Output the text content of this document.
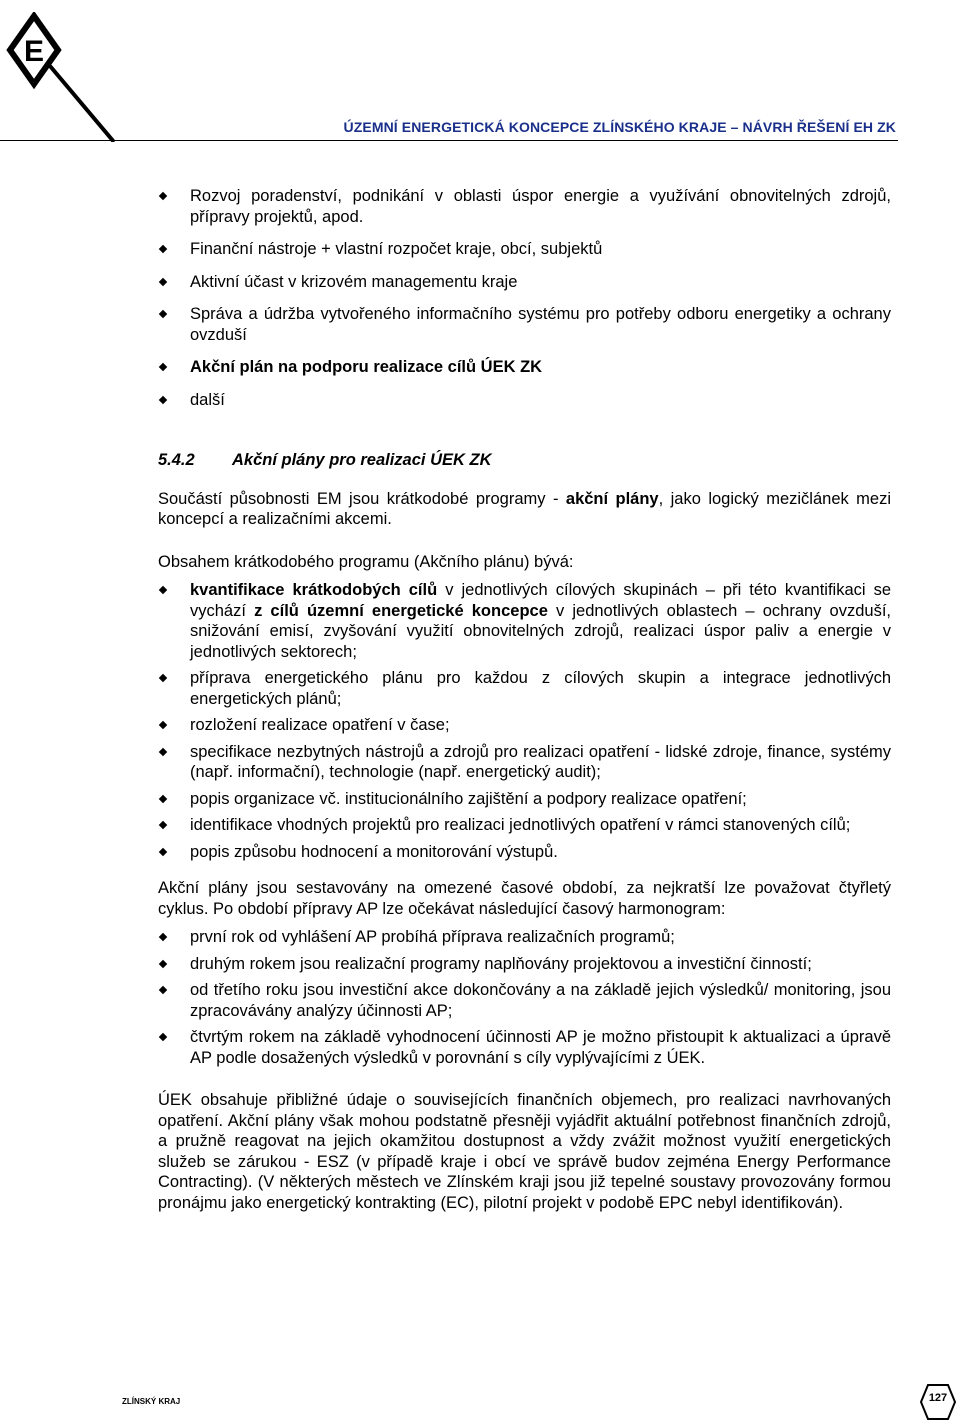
E
ÚZEMNÍ ENERGETICKÁ KONCEPCE ZLÍNSKÉHO KRAJE – NÁVRH ŘEŠENÍ EH ZK
Rozvoj poradenství, podnikání v oblasti úspor energie a využívání obnovitelných zdrojů, přípravy projektů, apod.
Finanční nástroje + vlastní rozpočet kraje, obcí, subjektů
Aktivní účast v krizovém managementu kraje
Správa a údržba vytvořeného informačního systému pro potřeby odboru energetiky a ochrany ovzduší
Akční plán na podporu realizace cílů ÚEK ZK
další
5.4.2 Akční plány pro realizaci ÚEK ZK

Součástí působnosti EM jsou krátkodobé programy - akční plány, jako logický mezičlánek mezi koncepcí a realizačními akcemi.

Obsahem krátkodobého programu (Akčního plánu) bývá:

kvantifikace krátkodobých cílů v jednotlivých cílových skupinách – při této kvantifikaci se vychází z cílů územní energetické koncepce v jednotlivých oblastech – ochrany ovzduší, snižování emisí, zvyšování využití obnovitelných zdrojů, realizaci úspor paliv a energie v jednotlivých sektorech;
příprava energetického plánu pro každou z cílových skupin a integrace jednotlivých energetických plánů;
rozložení realizace opatření v čase;
specifikace nezbytných nástrojů a zdrojů pro realizaci opatření - lidské zdroje, finance, systémy (např. informační), technologie (např. energetický audit);
popis organizace vč. institucionálního zajištění a podpory realizace opatření;
identifikace vhodných projektů pro realizaci jednotlivých opatření v rámci stanovených cílů;
popis způsobu hodnocení a monitorování výstupů.

Akční plány jsou sestavovány na omezené časové období, za nejkratší lze považovat čtyřletý cyklus. Po období přípravy AP lze očekávat následující časový harmonogram:

první rok od vyhlášení AP probíhá příprava realizačních programů;
druhým rokem jsou realizační programy naplňovány projektovou a investiční činností;
od třetího roku jsou investiční akce dokončovány a na základě jejich výsledků/ monitoring, jsou zpracovávány analýzy účinnosti AP;
čtvrtým rokem na základě vyhodnocení účinnosti AP je možno přistoupit k aktualizaci a úpravě AP podle dosažených výsledků v porovnání s cíly vyplývajícími z ÚEK.

ÚEK obsahuje přibližné údaje o souvisejících finančních objemech, pro realizaci navrhovaných opatření. Akční plány však mohou podstatně přesněji vyjádřit aktuální potřebnost finančních zdrojů, a pružně reagovat na jejich okamžitou dostupnost a vždy zvážit možnost využití energetických služeb se zárukou - ESZ (v případě kraje i obcí ve správě budov zejména Energy Performance Contracting). (V některých městech ve Zlínském kraji jsou již tepelné soustavy provozovány formou pronájmu jako energetický kontrakting (EC), pilotní projekt v podobě EPC nebyl identifikován).

ZLÍNSKÝ KRAJ	127
